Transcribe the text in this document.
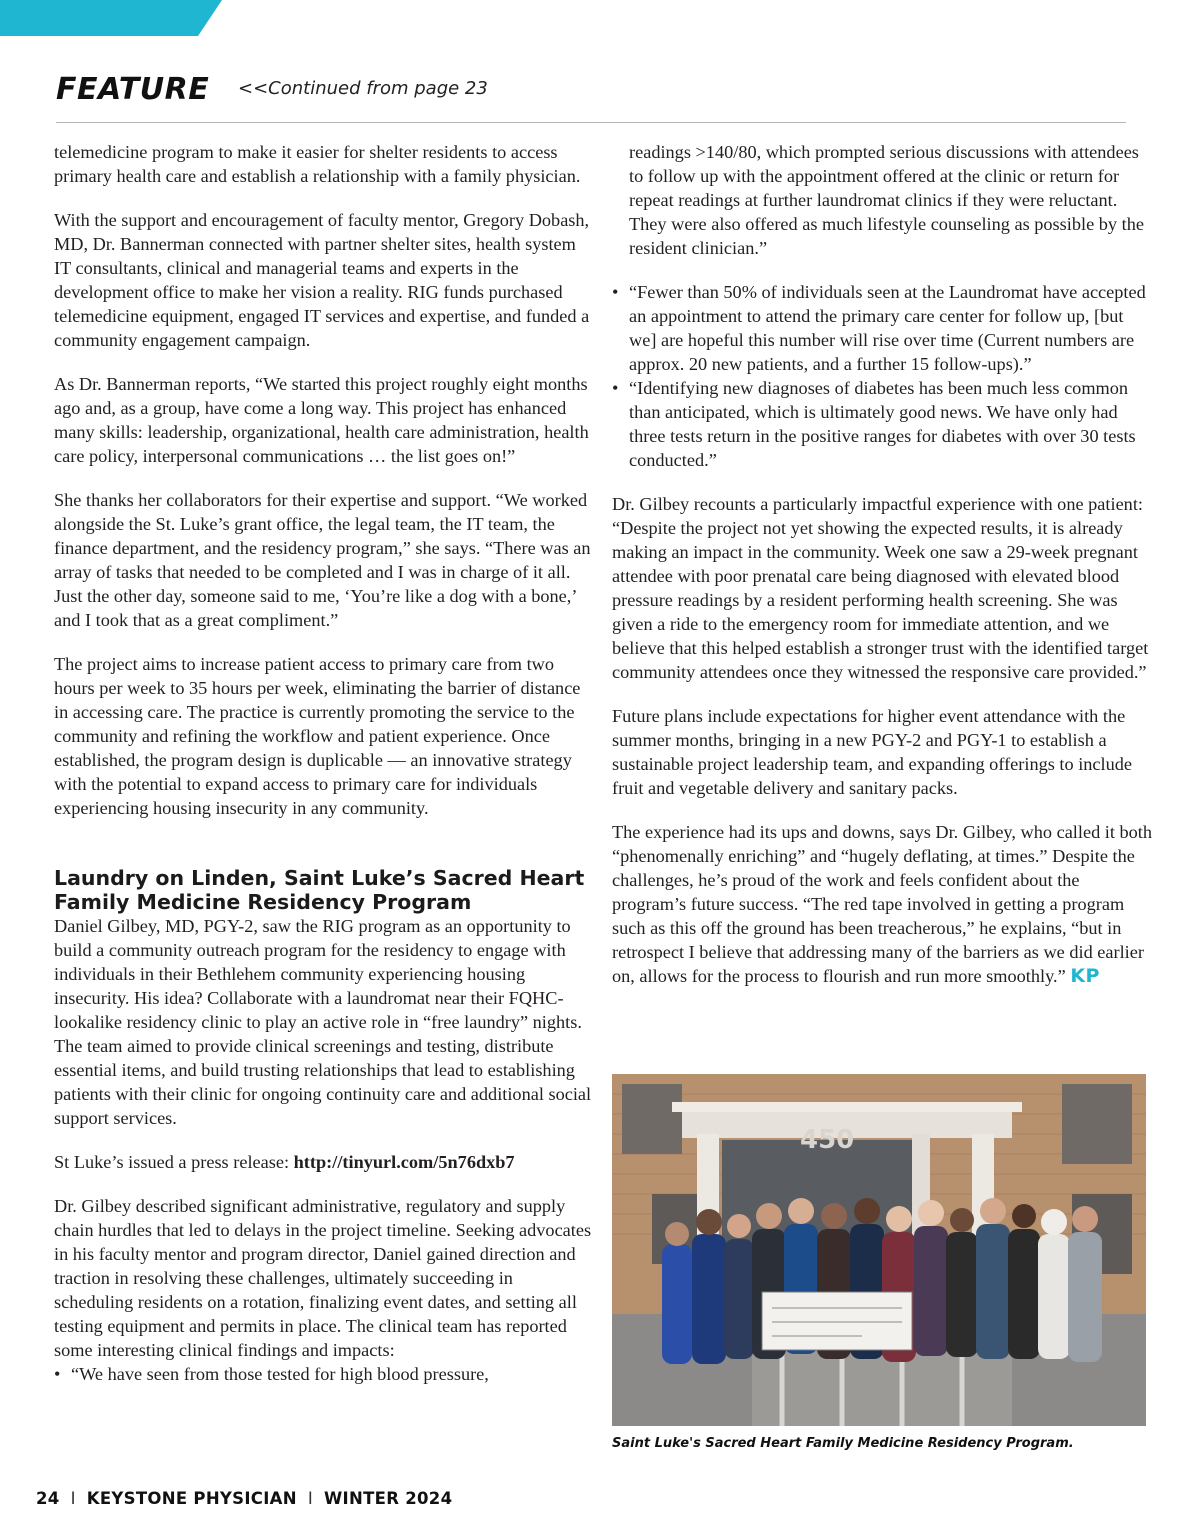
FEATURE <<Continued from page 23

telemedicine program to make it easier for shelter residents to access primary health care and establish a relationship with a family physician.

With the support and encouragement of faculty mentor, Gregory Dobash, MD, Dr. Bannerman connected with partner shelter sites, health system IT consultants, clinical and managerial teams and experts in the development office to make her vision a reality. RIG funds purchased telemedicine equipment, engaged IT services and expertise, and funded a community engagement campaign.

As Dr. Bannerman reports, “We started this project roughly eight months ago and, as a group, have come a long way. This project has enhanced many skills: leadership, organizational, health care administration, health care policy, interpersonal communications … the list goes on!”

She thanks her collaborators for their expertise and support. “We worked alongside the St. Luke’s grant office, the legal team, the IT team, the finance department, and the residency program,” she says. “There was an array of tasks that needed to be completed and I was in charge of it all. Just the other day, someone said to me, ‘You’re like a dog with a bone,’ and I took that as a great compliment.”

The project aims to increase patient access to primary care from two hours per week to 35 hours per week, eliminating the barrier of distance in accessing care. The practice is currently promoting the service to the community and refining the workflow and patient experience. Once established, the program design is duplicable — an innovative strategy with the potential to expand access to primary care for individuals experiencing housing insecurity in any community.

Laundry on Linden, Saint Luke’s Sacred Heart Family Medicine Residency Program

Daniel Gilbey, MD, PGY-2, saw the RIG program as an opportunity to build a community outreach program for the residency to engage with individuals in their Bethlehem community experiencing housing insecurity. His idea? Collaborate with a laundromat near their FQHC-lookalike residency clinic to play an active role in “free laundry” nights. The team aimed to provide clinical screenings and testing, distribute essential items, and build trusting relationships that lead to establishing patients with their clinic for ongoing continuity care and additional social support services.

St Luke’s issued a press release: http://tinyurl.com/5n76dxb7

Dr. Gilbey described significant administrative, regulatory and supply chain hurdles that led to delays in the project timeline. Seeking advocates in his faculty mentor and program director, Daniel gained direction and traction in resolving these challenges, ultimately succeeding in scheduling residents on a rotation, finalizing event dates, and setting all testing equipment and permits in place. The clinical team has reported some interesting clinical findings and impacts:

• “We have seen from those tested for high blood pressure,

readings >140/80, which prompted serious discussions with attendees to follow up with the appointment offered at the clinic or return for repeat readings at further laundromat clinics if they were reluctant. They were also offered as much lifestyle counseling as possible by the resident clinician.”

• “Fewer than 50% of individuals seen at the Laundromat have accepted an appointment to attend the primary care center for follow up, [but we] are hopeful this number will rise over time (Current numbers are approx. 20 new patients, and a further 15 follow-ups).”
• “Identifying new diagnoses of diabetes has been much less common than anticipated, which is ultimately good news. We have only had three tests return in the positive ranges for diabetes with over 30 tests conducted.”

Dr. Gilbey recounts a particularly impactful experience with one patient: “Despite the project not yet showing the expected results, it is already making an impact in the community. Week one saw a 29-week pregnant attendee with poor prenatal care being diagnosed with elevated blood pressure readings by a resident performing health screening. She was given a ride to the emergency room for immediate attention, and we believe that this helped establish a stronger trust with the identified target community attendees once they witnessed the responsive care provided.”

Future plans include expectations for higher event attendance with the summer months, bringing in a new PGY-2 and PGY-1 to establish a sustainable project leadership team, and expanding offerings to include fruit and vegetable delivery and sanitary packs.

The experience had its ups and downs, says Dr. Gilbey, who called it both “phenomenally enriching” and “hugely deflating, at times.” Despite the challenges, he’s proud of the work and feels confident about the program’s future success. “The red tape involved in getting a program such as this off the ground has been treacherous,” he explains, “but in retrospect I believe that addressing many of the barriers as we did earlier on, allows for the process to flourish and run more smoothly.” KP

450
Saint Luke's Sacred Heart Family Medicine Residency Program.
24 I KEYSTONE PHYSICIAN I WINTER 2024
